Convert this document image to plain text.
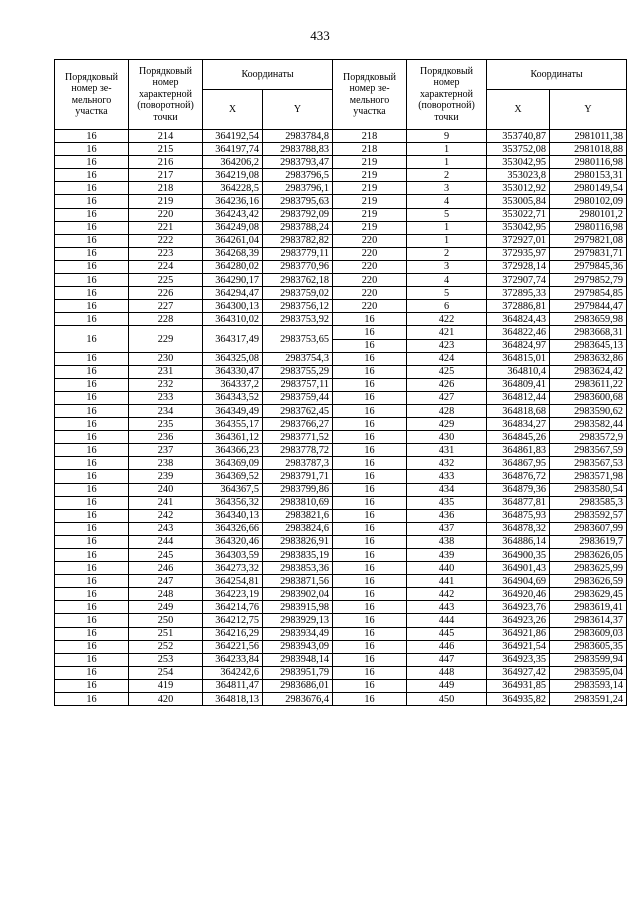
433
Порядковый номер зе-мельного участка	Порядковый номер характерной (поворотной) точки	Координаты		Порядковый номер зе-мельного участка	Порядковый номер характерной (поворотной) точки	Координаты	
		X	Y			X	Y
16	214	364192,54	2983784,8	218	9	353740,87	2981011,38
16	215	364197,74	2983788,83	218	1	353752,08	2981018,88
16	216	364206,2	2983793,47	219	1	353042,95	2980116,98
16	217	364219,08	2983796,5	219	2	353023,8	2980153,31
16	218	364228,5	2983796,1	219	3	353012,92	2980149,54
16	219	364236,16	2983795,63	219	4	353005,84	2980102,09
16	220	364243,42	2983792,09	219	5	353022,71	2980101,2
16	221	364249,08	2983788,24	219	1	353042,95	2980116,98
16	222	364261,04	2983782,82	220	1	372927,01	2979821,08
16	223	364268,39	2983779,11	220	2	372935,97	2979831,71
16	224	364280,02	2983770,96	220	3	372928,14	2979845,36
16	225	364290,17	2983762,18	220	4	372907,74	2979852,79
16	226	364294,47	2983759,02	220	5	372895,33	2979854,85
16	227	364300,13	2983756,12	220	6	372886,81	2979844,47
16	228	364310,02	2983753,92	16	422	364824,43	2983659,98
16	229	364317,49	2983753,65	16	421	364822,46	2983668,31
				16	423	364824,97	2983645,13
16	230	364325,08	2983754,3	16	424	364815,01	2983632,86
16	231	364330,47	2983755,29	16	425	364810,4	2983624,42
16	232	364337,2	2983757,11	16	426	364809,41	2983611,22
16	233	364343,52	2983759,44	16	427	364812,44	2983600,68
16	234	364349,49	2983762,45	16	428	364818,68	2983590,62
16	235	364355,17	2983766,27	16	429	364834,27	2983582,44
16	236	364361,12	2983771,52	16	430	364845,26	2983572,9
16	237	364366,23	2983778,72	16	431	364861,83	2983567,59
16	238	364369,09	2983787,3	16	432	364867,95	2983567,53
16	239	364369,52	2983791,71	16	433	364876,72	2983571,98
16	240	364367,5	2983799,86	16	434	364879,36	2983580,54
16	241	364356,32	2983810,69	16	435	364877,81	2983585,3
16	242	364340,13	2983821,6	16	436	364875,93	2983592,57
16	243	364326,66	2983824,6	16	437	364878,32	2983607,99
16	244	364320,46	2983826,91	16	438	364886,14	2983619,7
16	245	364303,59	2983835,19	16	439	364900,35	2983626,05
16	246	364273,32	2983853,36	16	440	364901,43	2983625,99
16	247	364254,81	2983871,56	16	441	364904,69	2983626,59
16	248	364223,19	2983902,04	16	442	364920,46	2983629,45
16	249	364214,76	2983915,98	16	443	364923,76	2983619,41
16	250	364212,75	2983929,13	16	444	364923,26	2983614,37
16	251	364216,29	2983934,49	16	445	364921,86	2983609,03
16	252	364221,56	2983943,09	16	446	364921,54	2983605,35
16	253	364233,84	2983948,14	16	447	364923,35	2983599,94
16	254	364242,6	2983951,79	16	448	364927,42	2983595,04
16	419	364811,47	2983686,01	16	449	364931,85	2983593,14
16	420	364818,13	2983676,4	16	450	364935,82	2983591,24
